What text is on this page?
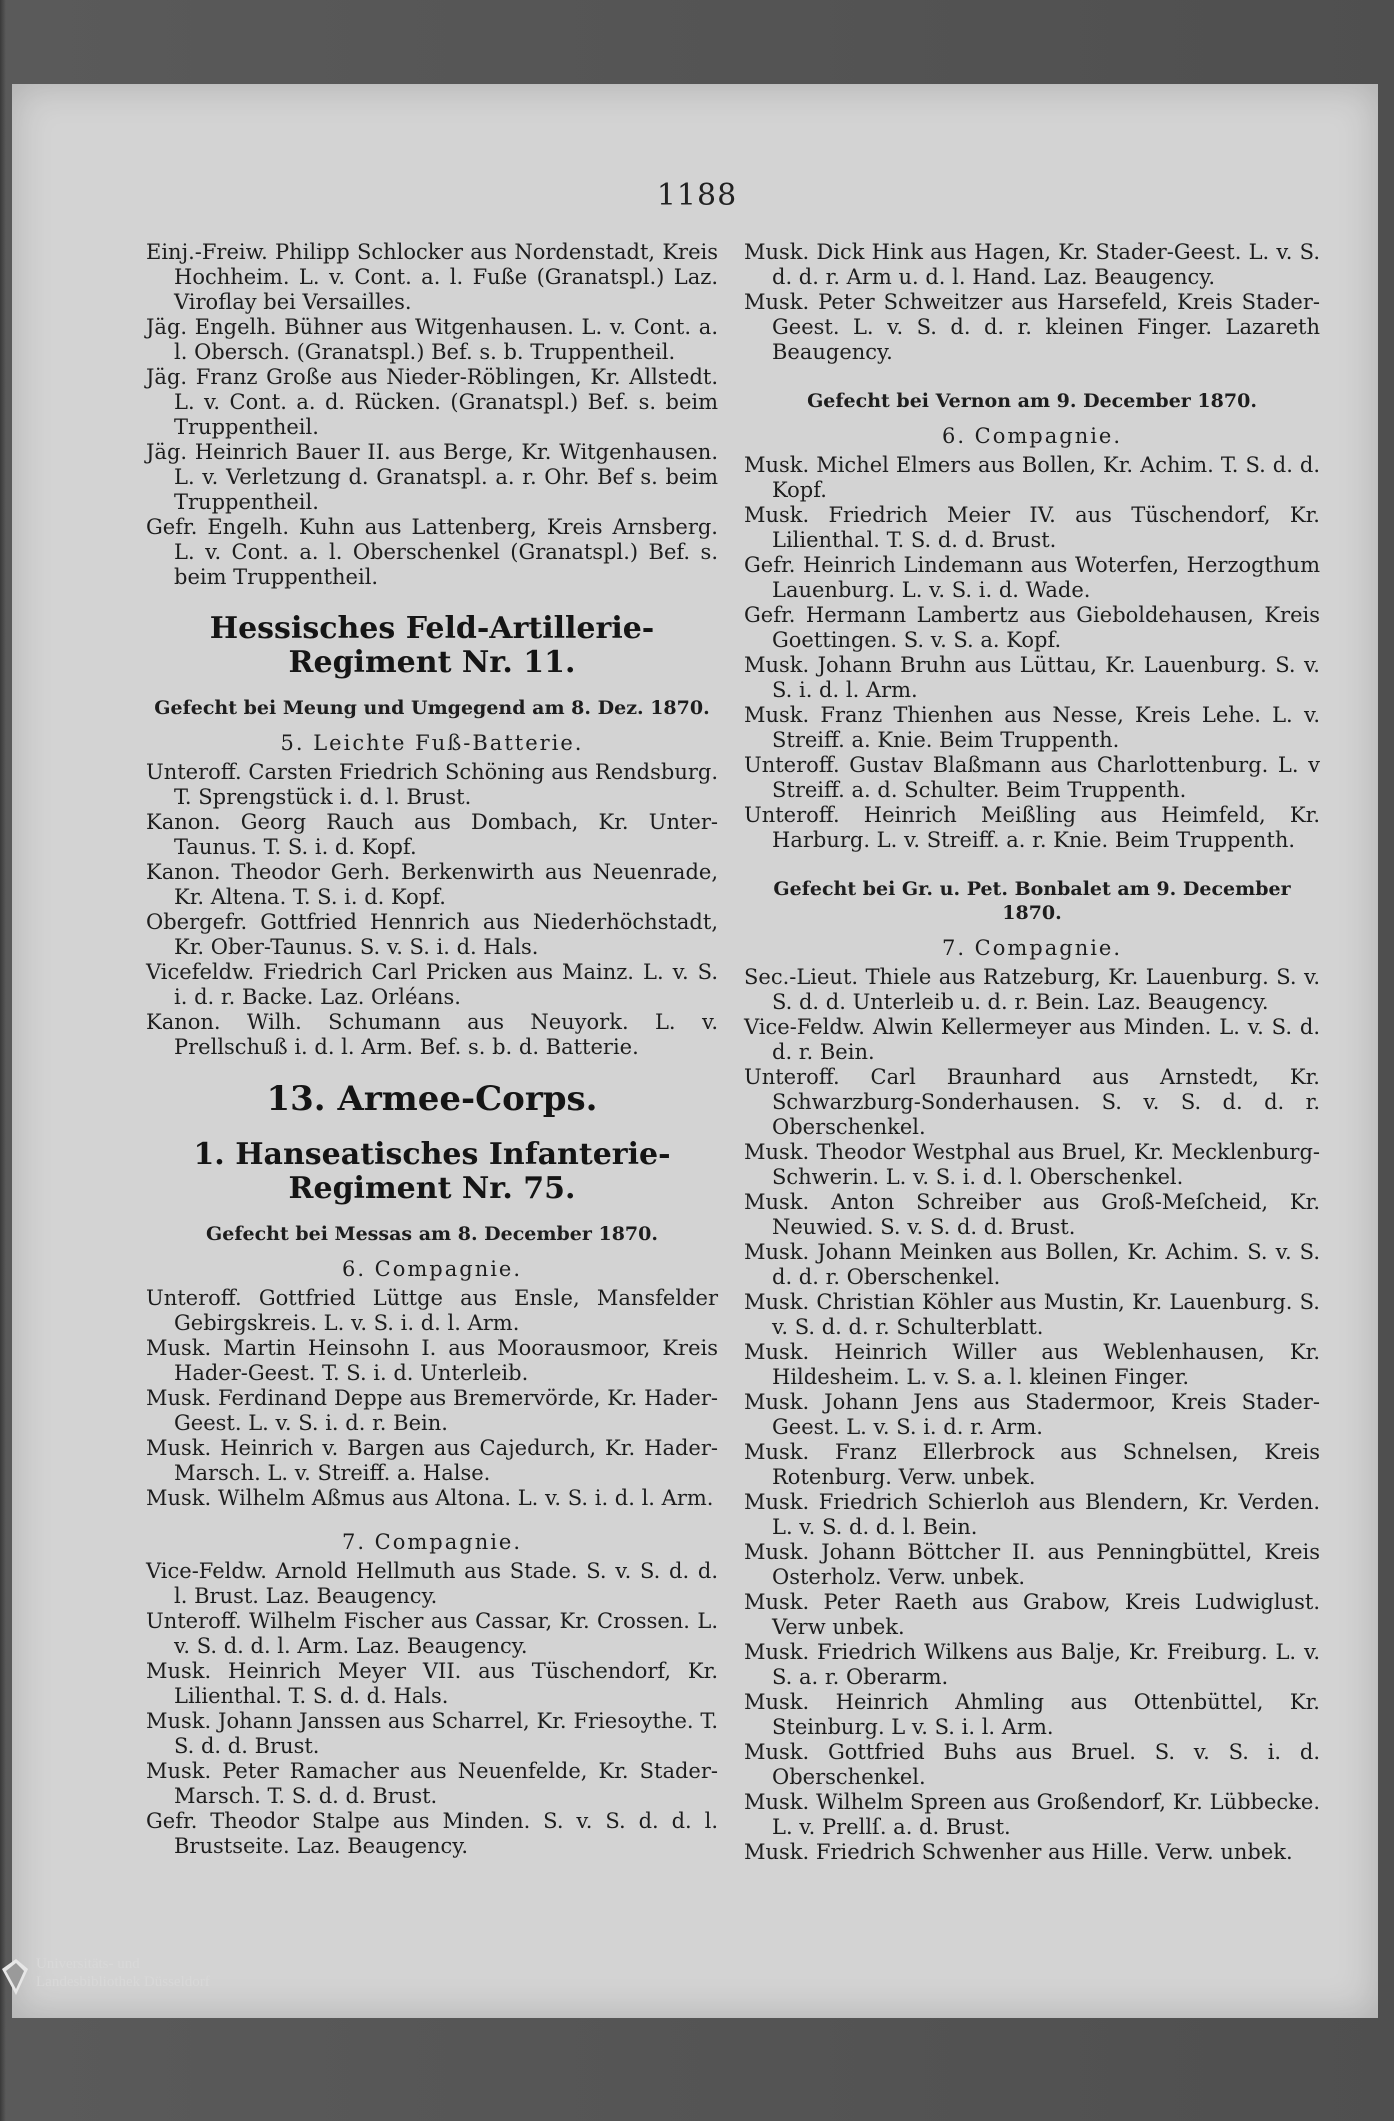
1188
Einj.-Freiw. Philipp Schlocker aus Nordenstadt, Kreis Hochheim. L. v. Cont. a. l. Fuße (Granatspl.) Laz. Viroflay bei Versailles.
Jäg. Engelh. Bühner aus Witgenhausen. L. v. Cont. a. l. Obersch. (Granatspl.) Bef. s. b. Truppentheil.
Jäg. Franz Große aus Nieder-Röblingen, Kr. Allstedt. L. v. Cont. a. d. Rücken. (Granatspl.) Bef. s. beim Truppentheil.
Jäg. Heinrich Bauer II. aus Berge, Kr. Witgenhausen. L. v. Verletzung d. Granatspl. a. r. Ohr. Bef s. beim Truppentheil.
Gefr. Engelh. Kuhn aus Lattenberg, Kreis Arnsberg. L. v. Cont. a. l. Oberschenkel (Granatspl.) Bef. s. beim Truppentheil.
Hessisches Feld-Artillerie-Regiment Nr. 11.
Gefecht bei Meung und Umgegend am 8. Dez. 1870.
5. Leichte Fuß-Batterie.
Unteroff. Carsten Friedrich Schöning aus Rendsburg. T. Sprengstück i. d. l. Brust.
Kanon. Georg Rauch aus Dombach, Kr. Unter-Taunus. T. S. i. d. Kopf.
Kanon. Theodor Gerh. Berkenwirth aus Neuenrade, Kr. Altena. T. S. i. d. Kopf.
Obergefr. Gottfried Hennrich aus Niederhöchstadt, Kr. Ober-Taunus. S. v. S. i. d. Hals.
Vicefeldw. Friedrich Carl Pricken aus Mainz. L. v. S. i. d. r. Backe. Laz. Orléans.
Kanon. Wilh. Schumann aus Neuyork. L. v. Prellschuß i. d. l. Arm. Bef. s. b. d. Batterie.
13. Armee-Corps.
1. Hanseatisches Infanterie-Regiment Nr. 75.
Gefecht bei Messas am 8. December 1870.
6. Compagnie.
Unteroff. Gottfried Lüttge aus Ensle, Mansfelder Gebirgskreis. L. v. S. i. d. l. Arm.
Musk. Martin Heinsohn I. aus Moorausmoor, Kreis Hader-Geest. T. S. i. d. Unterleib.
Musk. Ferdinand Deppe aus Bremervörde, Kr. Hader-Geest. L. v. S. i. d. r. Bein.
Musk. Heinrich v. Bargen aus Cajedurch, Kr. Hader-Marsch. L. v. Streiff. a. Halse.
Musk. Wilhelm Aßmus aus Altona. L. v. S. i. d. l. Arm.
7. Compagnie.
Vice-Feldw. Arnold Hellmuth aus Stade. S. v. S. d. d. l. Brust. Laz. Beaugency.
Unteroff. Wilhelm Fischer aus Cassar, Kr. Crossen. L. v. S. d. d. l. Arm. Laz. Beaugency.
Musk. Heinrich Meyer VII. aus Tüschendorf, Kr. Lilienthal. T. S. d. d. Hals.
Musk. Johann Janssen aus Scharrel, Kr. Friesoythe. T. S. d. d. Brust.
Musk. Peter Ramacher aus Neuenfelde, Kr. Stader-Marsch. T. S. d. d. Brust.
Gefr. Theodor Stalpe aus Minden. S. v. S. d. d. l. Brustseite. Laz. Beaugency.
Musk. Dick Hink aus Hagen, Kr. Stader-Geest. L. v. S. d. d. r. Arm u. d. l. Hand. Laz. Beaugency.
Musk. Peter Schweitzer aus Harsefeld, Kreis Stader-Geest. L. v. S. d. d. r. kleinen Finger. Lazareth Beaugency.
Gefecht bei Vernon am 9. December 1870.
6. Compagnie.
Musk. Michel Elmers aus Bollen, Kr. Achim. T. S. d. d. Kopf.
Musk. Friedrich Meier IV. aus Tüschendorf, Kr. Lilienthal. T. S. d. d. Brust.
Gefr. Heinrich Lindemann aus Woterfen, Herzogthum Lauenburg. L. v. S. i. d. Wade.
Gefr. Hermann Lambertz aus Gieboldehausen, Kreis Goettingen. S. v. S. a. Kopf.
Musk. Johann Bruhn aus Lüttau, Kr. Lauenburg. S. v. S. i. d. l. Arm.
Musk. Franz Thienhen aus Nesse, Kreis Lehe. L. v. Streiff. a. Knie. Beim Truppenth.
Unteroff. Gustav Blaßmann aus Charlottenburg. L. v Streiff. a. d. Schulter. Beim Truppenth.
Unteroff. Heinrich Meißling aus Heimfeld, Kr. Harburg. L. v. Streiff. a. r. Knie. Beim Truppenth.
Gefecht bei Gr. u. Pet. Bonbalet am 9. December 1870.
7. Compagnie.
Sec.-Lieut. Thiele aus Ratzeburg, Kr. Lauenburg. S. v. S. d. d. Unterleib u. d. r. Bein. Laz. Beaugency.
Vice-Feldw. Alwin Kellermeyer aus Minden. L. v. S. d. d. r. Bein.
Unteroff. Carl Braunhard aus Arnstedt, Kr. Schwarzburg-Sonderhausen. S. v. S. d. d. r. Oberschenkel.
Musk. Theodor Westphal aus Bruel, Kr. Mecklenburg-Schwerin. L. v. S. i. d. l. Oberschenkel.
Musk. Anton Schreiber aus Groß-Meſcheid, Kr. Neuwied. S. v. S. d. d. Brust.
Musk. Johann Meinken aus Bollen, Kr. Achim. S. v. S. d. d. r. Oberschenkel.
Musk. Christian Köhler aus Mustin, Kr. Lauenburg. S. v. S. d. d. r. Schulterblatt.
Musk. Heinrich Willer aus Weblenhausen, Kr. Hildesheim. L. v. S. a. l. kleinen Finger.
Musk. Johann Jens aus Stadermoor, Kreis Stader-Geest. L. v. S. i. d. r. Arm.
Musk. Franz Ellerbrock aus Schnelsen, Kreis Rotenburg. Verw. unbek.
Musk. Friedrich Schierloh aus Blendern, Kr. Verden. L. v. S. d. d. l. Bein.
Musk. Johann Böttcher II. aus Penningbüttel, Kreis Osterholz. Verw. unbek.
Musk. Peter Raeth aus Grabow, Kreis Ludwiglust. Verw unbek.
Musk. Friedrich Wilkens aus Balje, Kr. Freiburg. L. v. S. a. r. Oberarm.
Musk. Heinrich Ahmling aus Ottenbüttel, Kr. Steinburg. L v. S. i. l. Arm.
Musk. Gottfried Buhs aus Bruel. S. v. S. i. d. Oberschenkel.
Musk. Wilhelm Spreen aus Großendorf, Kr. Lübbecke. L. v. Prellſ. a. d. Brust.
Musk. Friedrich Schwenher aus Hille. Verw. unbek.
Universitäts- und
Landesbibliothek Düsseldorf
